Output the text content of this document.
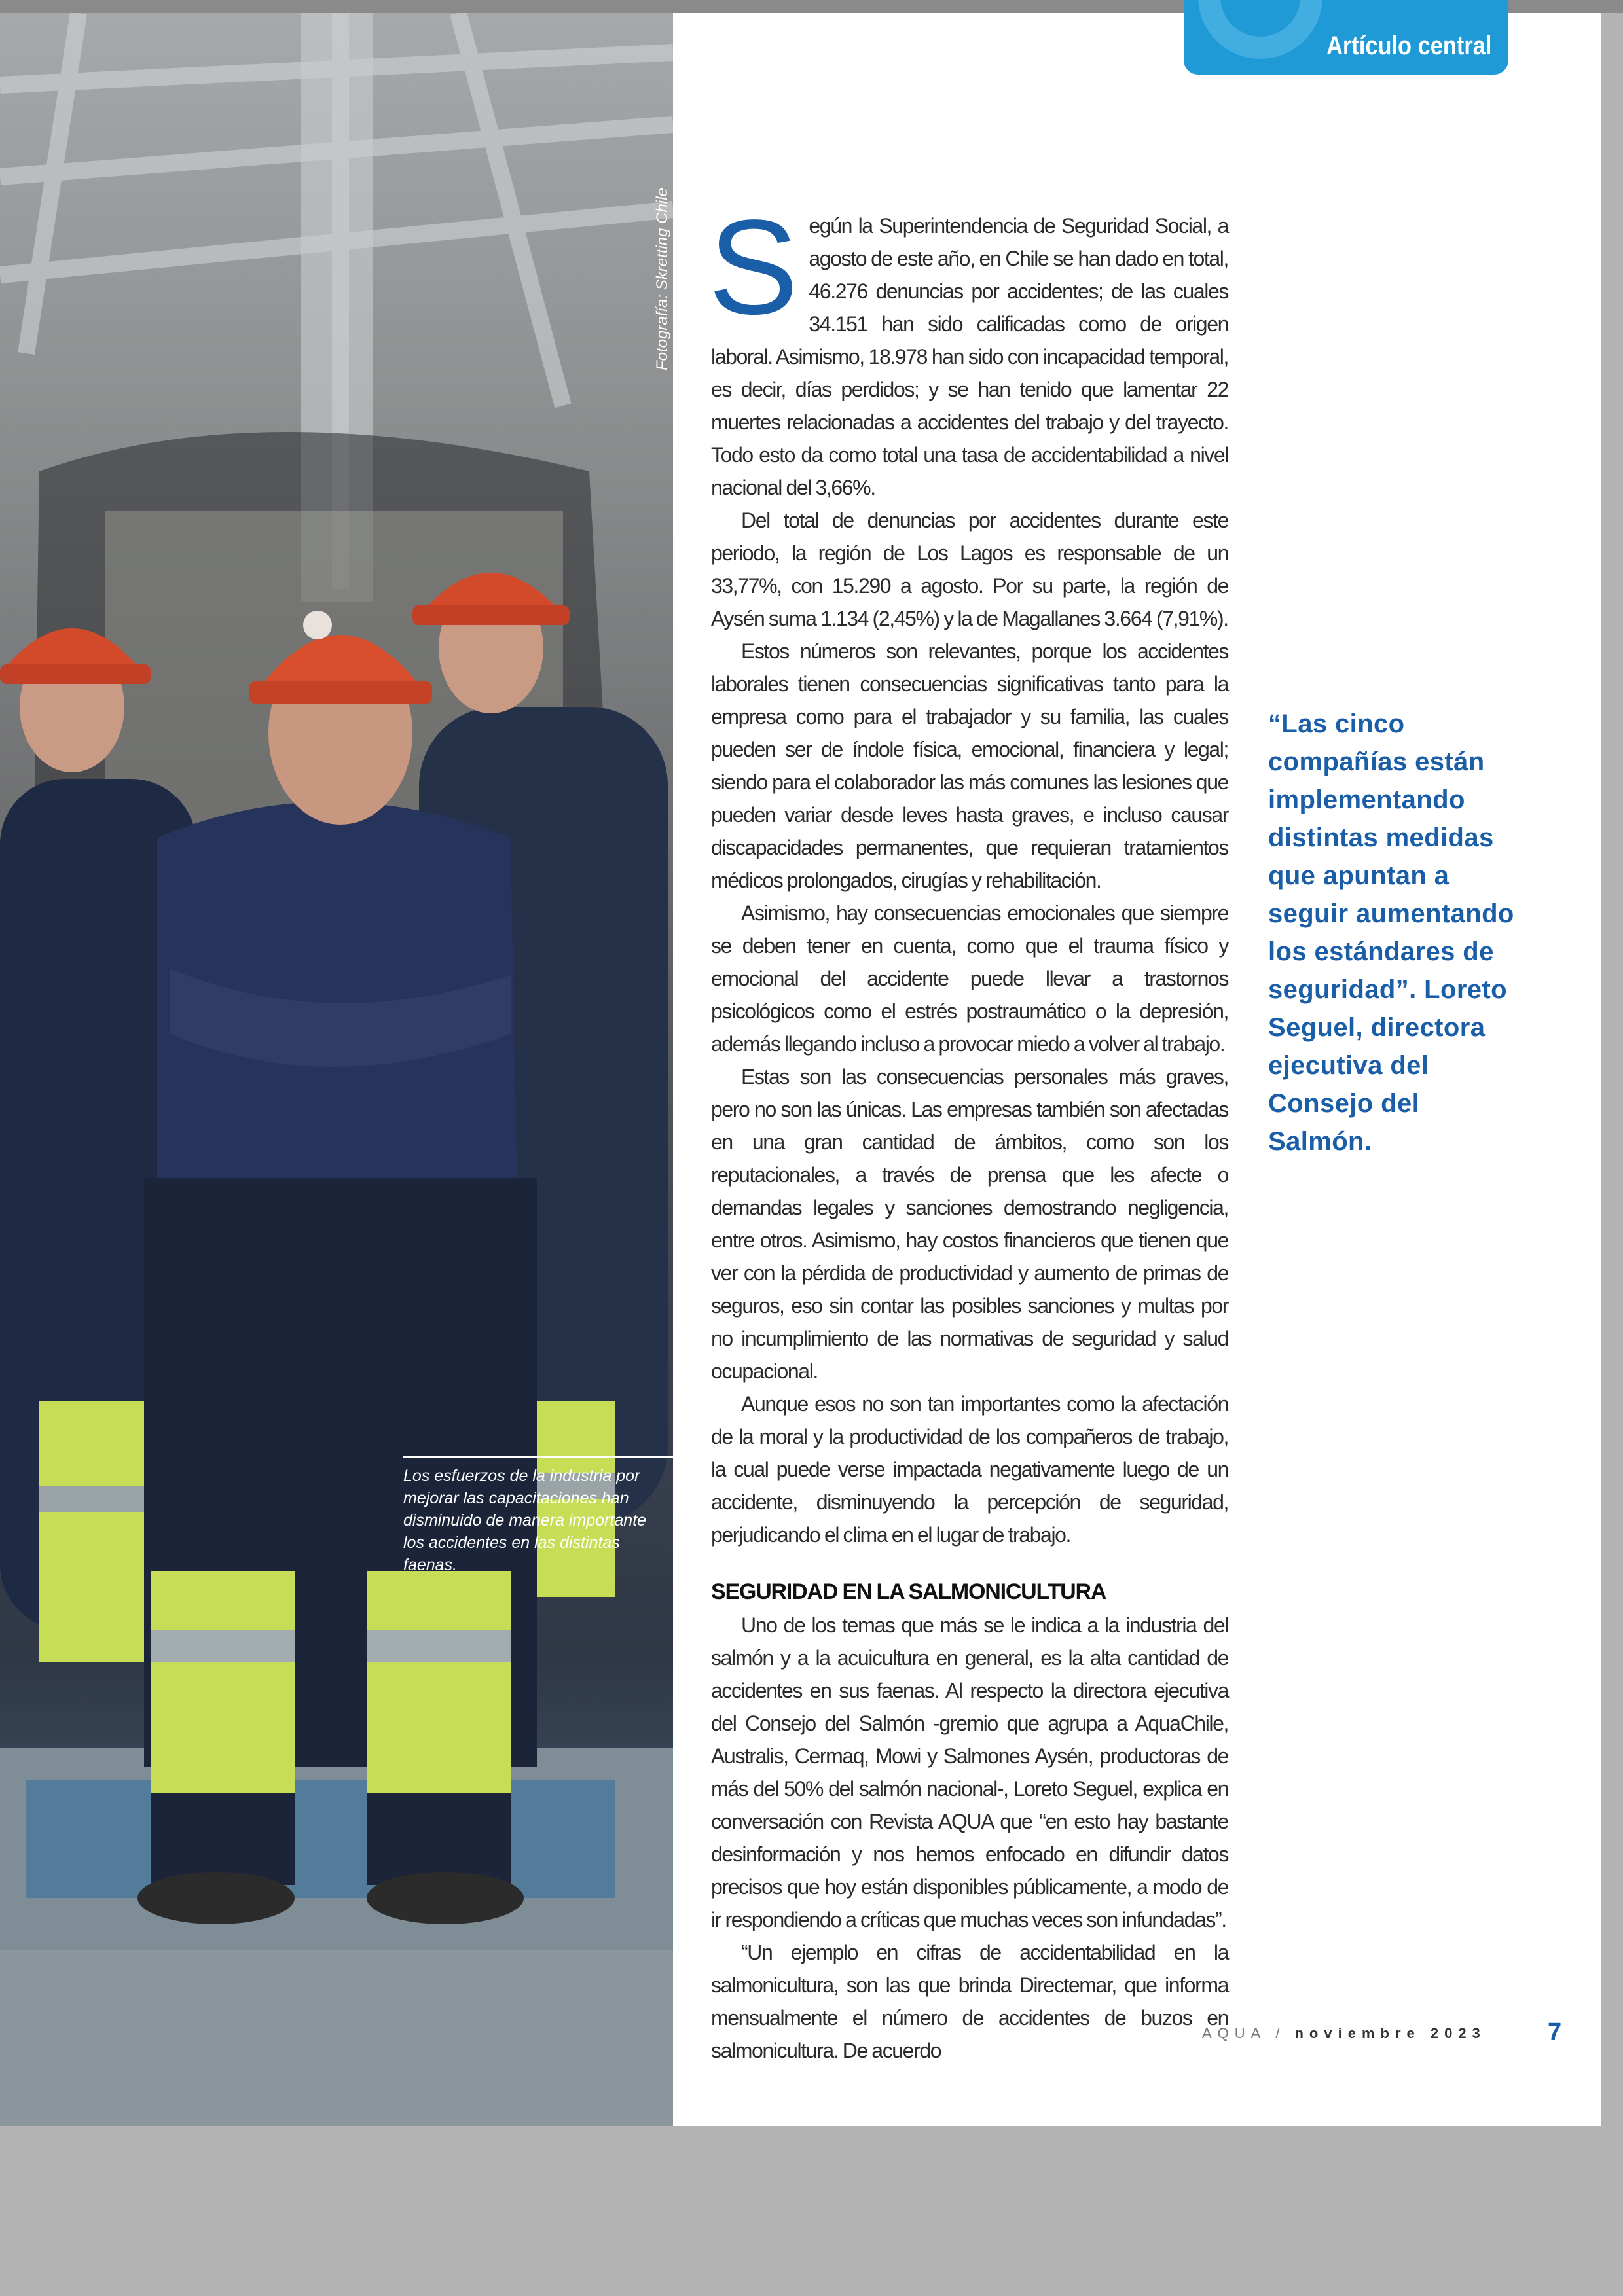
Fotografía: Skretting Chile
Los esfuerzos de la industria por mejorar las capacitaciones han disminuido de manera importante los accidentes en las distintas faenas.
Artículo central

Según la Superintendencia de Seguridad Social, a agosto de este año, en Chile se han dado en total, 46.276 denuncias por accidentes; de las cuales 34.151 han sido calificadas como de origen laboral. Asimismo, 18.978 han sido con incapacidad temporal, es decir, días perdidos; y se han tenido que lamentar 22 muertes relacionadas a accidentes del trabajo y del trayecto. Todo esto da como total una tasa de accidentabilidad a nivel nacional del 3,66%.

Del total de denuncias por accidentes durante este periodo, la región de Los Lagos es responsable de un 33,77%, con 15.290 a agosto. Por su parte, la región de Aysén suma 1.134 (2,45%) y la de Magallanes 3.664 (7,91%).

Estos números son relevantes, porque los accidentes laborales tienen consecuencias significativas tanto para la empresa como para el trabajador y su familia, las cuales pueden ser de índole física, emocional, financiera y legal; siendo para el colaborador las más comunes las lesiones que pueden variar desde leves hasta graves, e incluso causar discapacidades permanentes, que requieran tratamientos médicos prolongados, cirugías y rehabilitación.

Asimismo, hay consecuencias emocionales que siempre se deben tener en cuenta, como que el trauma físico y emocional del accidente puede llevar a trastornos psicológicos como el estrés postraumático o la depresión, además llegando incluso a provocar miedo a volver al trabajo.

Estas son las consecuencias personales más graves, pero no son las únicas. Las empresas también son afectadas en una gran cantidad de ámbitos, como son los reputacionales, a través de prensa que les afecte o demandas legales y sanciones demostrando negligencia, entre otros. Asimismo, hay costos financieros que tienen que ver con la pérdida de productividad y aumento de primas de seguros, eso sin contar las posibles sanciones y multas por no incumplimiento de las normativas de seguridad y salud ocupacional.

Aunque esos no son tan importantes como la afectación de la moral y la productividad de los compañeros de trabajo, la cual puede verse impactada negativamente luego de un accidente, disminuyendo la percepción de seguridad, perjudicando el clima en el lugar de trabajo.

SEGURIDAD EN LA SALMONICULTURA

Uno de los temas que más se le indica a la industria del salmón y a la acuicultura en general, es la alta cantidad de accidentes en sus faenas. Al respecto la directora ejecutiva del Consejo del Salmón -gremio que agrupa a AquaChile, Australis, Cermaq, Mowi y Salmones Aysén, productoras de más del 50% del salmón nacional-, Loreto Seguel, explica en conversación con Revista AQUA que “en esto hay bastante desinformación y nos hemos enfocado en difundir datos precisos que hoy están disponibles públicamente, a modo de ir respondiendo a críticas que muchas veces son infundadas”.

“Un ejemplo en cifras de accidentabilidad en la salmonicultura, son las que brinda Directemar, que informa mensualmente el número de accidentes de buzos en salmonicultura. De acuerdo

“Las cinco compañías están implementando distintas medidas que apuntan a seguir aumentando los estándares de seguridad”. Loreto Seguel, directora ejecutiva del Consejo del Salmón.
AQUA / noviembre 2023 7
